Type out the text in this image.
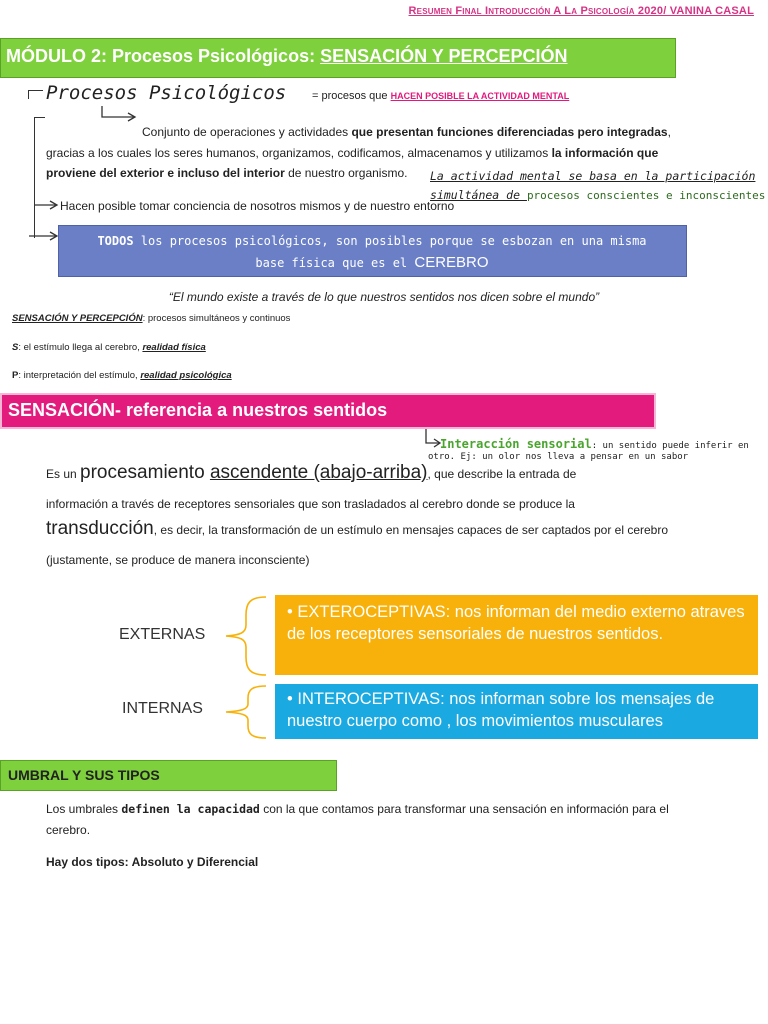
Resumen Final Introducción A La Psicología 2020/ VANINA CASAL
MÓDULO 2: Procesos Psicológicos: SENSACIÓN Y PERCEPCIÓN
Procesos Psicológicos = procesos que HACEN POSIBLE LA ACTIVIDAD MENTAL
Conjunto de operaciones y actividades que presentan funciones diferenciadas pero integradas,
gracias a los cuales los seres humanos, organizamos, codificamos, almacenamos y utilizamos la información que
proviene del exterior e incluso del interior de nuestro organismo. La actividad mental se basa en la participación
simultánea de procesos conscientes e inconscientes
Hacen posible tomar conciencia de nosotros mismos y de nuestro entorno
TODOS los procesos psicológicos, son posibles porque se esbozan en una misma
base física que es el CEREBRO
“El mundo existe a través de lo que nuestros sentidos nos dicen sobre el mundo”
SENSACIÓN Y PERCEPCIÓN: procesos simultáneos y continuos
S: el estímulo llega al cerebro, realidad física
P: interpretación del estímulo, realidad psicológica
SENSACIÓN- referencia a nuestros sentidos
Interacción sensorial: un sentido puede inferir en
otro. Ej: un olor nos lleva a pensar en un sabor
Es un procesamiento ascendente (abajo-arriba), que describe la entrada de
información a través de receptores sensoriales que son trasladados al cerebro donde se produce la
transducción, es decir, la transformación de un estímulo en mensajes capaces de ser captados por el cerebro
(justamente, se produce de manera inconsciente)
EXTERNAS
• EXTEROCEPTIVAS: nos informan del medio externo atraves de los receptores sensoriales de nuestros sentidos.
INTERNAS
• INTEROCEPTIVAS: nos informan sobre los mensajes de nuestro cuerpo como , los movimientos musculares
UMBRAL Y SUS TIPOS
Los umbrales definen la capacidad con la que contamos para transformar una sensación en información para el
cerebro.
Hay dos tipos: Absoluto y Diferencial
